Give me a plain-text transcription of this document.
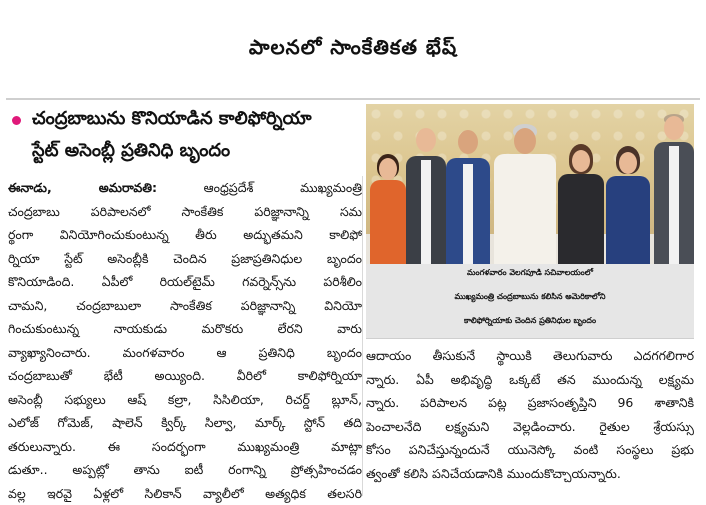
పాలనలో సాంకేతికత భేష్
చంద్రబాబును కొనియాడిన కాలిఫోర్నియా
స్టేట్ అసెంబ్లీ ప్రతినిధి బృందం
ఈనాడు, అమరావతి:	ఆంధ్రప్రదేశ్ ముఖ్యమంత్రి
చంద్రబాబు పరిపాలనలో సాంకేతిక పరిజ్ఞానాన్ని సమ
ర్థంగా వినియోగించుకుంటున్న తీరు అద్భుతమని కాలిఫో
ర్నియా స్టేట్ అసెంబ్లీకి చెందిన ప్రజాప్రతినిధుల బృందం
కొనియాడింది. ఏపీలో రియల్‌టైమ్ గవర్నెన్స్‌ను పరిశీలిం
చామని, చంద్రబాబులా సాంకేతిక పరిజ్ఞానాన్ని వినియో
గించుకుంటున్న నాయకుడు మరొకరు లేరని వారు
వ్యాఖ్యానించారు. మంగళవారం ఆ ప్రతినిధి బృందం
చంద్రబాబుతో భేటీ అయ్యింది. వీరిలో కాలిఫోర్నియా
అసెంబ్లీ సభ్యులు ఆష్ కల్రా, సిసిలియా, రిచర్డ్ బ్లూన్,
ఎలోజ్ గోమెజ్, షాలెన్ క్విర్క్ సిల్వా, మార్క్ స్టోన్ తది
తరులున్నారు. ఈ సందర్భంగా ముఖ్యమంత్రి మాట్లా
డుతూ.. అప్పట్లో తాను ఐటీ రంగాన్ని ప్రోత్సహించడం
వల్ల ఇరవై ఏళ్లలో సిలికాన్ వ్యాలీలో అత్యధిక తలసరి
మంగళవారం వెలగపూడి సచివాలయంలో
ముఖ్యమంత్రి చంద్రబాబును కలిసిన అమెరికాలోని
కాలిఫోర్నియాకు చెందిన ప్రతినిధుల బృందం
ఆదాయం తీసుకునే స్థాయికి తెలుగువారు ఎదగగలిగార
న్నారు. ఏపీ అభివృద్ధి ఒక్కటే తన ముందున్న లక్ష్యమ
న్నారు. పరిపాలన పట్ల ప్రజాసంతృప్తిని 96 శాతానికి
పెంచాలనేది లక్ష్యమని వెల్లడించారు. రైతుల శ్రేయస్సు
కోసం పనిచేస్తున్నందునే యునెస్కో వంటి సంస్థలు ప్రభు
త్వంతో కలిసి పనిచేయడానికి ముందుకొచ్చాయన్నారు.
